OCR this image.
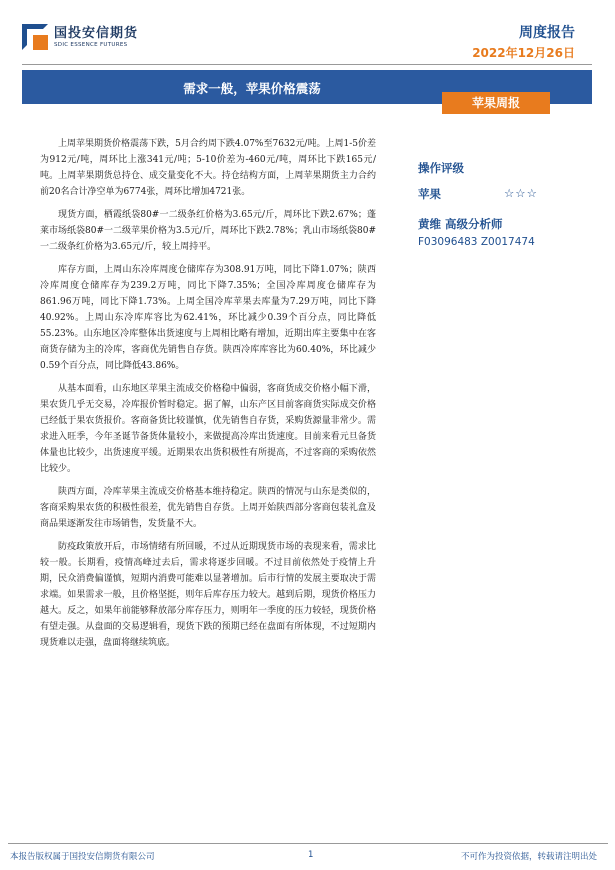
国投安信期货
SDIC ESSENCE FUTURES
周度报告
2022年12月26日
需求一般，苹果价格震荡
苹果周报

上周苹果期货价格震荡下跌，5月合约周下跌4.07%至7632元/吨。上周1-5价差为912元/吨，周环比上涨341元/吨；5-10价差为-460元/吨，周环比下跌165元/吨。上周苹果期货总持仓、成交量变化不大。持仓结构方面，上周苹果期货主力合约前20名合计净空单为6774张，周环比增加4721张。

现货方面，栖霞纸袋80#一二级条红价格为3.65元/斤，周环比下跌2.67%；蓬莱市场纸袋80#一二级苹果价格为3.5元/斤，周环比下跌2.78%；乳山市场纸袋80#一二级条红价格为3.65元/斤，较上周持平。

库存方面，上周山东冷库周度仓储库存为308.91万吨，同比下降1.07%；陕西冷库周度仓储库存为239.2万吨，同比下降7.35%；全国冷库周度仓储库存为861.96万吨，同比下降1.73%。上周全国冷库苹果去库量为7.29万吨，同比下降40.92%。上周山东冷库库容比为62.41%，环比减少0.39个百分点，同比降低55.23%。山东地区冷库整体出货速度与上周相比略有增加，近期出库主要集中在客商货存储为主的冷库，客商优先销售自存货。陕西冷库库容比为60.40%，环比减少0.59个百分点，同比降低43.86%。

从基本面看，山东地区苹果主流成交价格稳中偏弱，客商货成交价格小幅下滑，果农货几乎无交易，冷库报价暂时稳定。据了解，山东产区目前客商货实际成交价格已经低于果农货报价。客商备货比较谨慎，优先销售自存货，采购货源量非常少。需求进入旺季，今年圣诞节备货体量较小，来做提高冷库出货速度。目前来看元旦备货体量也比较少，出货速度平缓。近期果农出货积极性有所提高，不过客商的采购依然比较少。

陕西方面，冷库苹果主流成交价格基本维持稳定。陕西的情况与山东是类似的，客商采购果农货的积极性很差，优先销售自存货。上周开始陕西部分客商包装礼盒及商品果逐渐发往市场销售，发货量不大。

防疫政策放开后，市场情绪有所回暖，不过从近期现货市场的表现来看，需求比较一般。长期看，疫情高峰过去后，需求将逐步回暖。不过目前依然处于疫情上升期，民众消费偏谨慎，短期内消费可能难以显著增加。后市行情的发展主要取决于需求端。如果需求一般，且价格坚挺，则年后库存压力较大。越到后期，现货价格压力越大。反之，如果年前能够释放部分库存压力，则明年一季度的压力较轻，现货价格有望走强。从盘面的交易逻辑看，现货下跌的预期已经在盘面有所体现，不过短期内现货难以走强，盘面将继续筑底。

操作评级
苹果	☆☆☆
黄维 高级分析师
F03096483 Z0017474
本报告版权属于国投安信期货有限公司	1	不可作为投资依据，转载请注明出处
